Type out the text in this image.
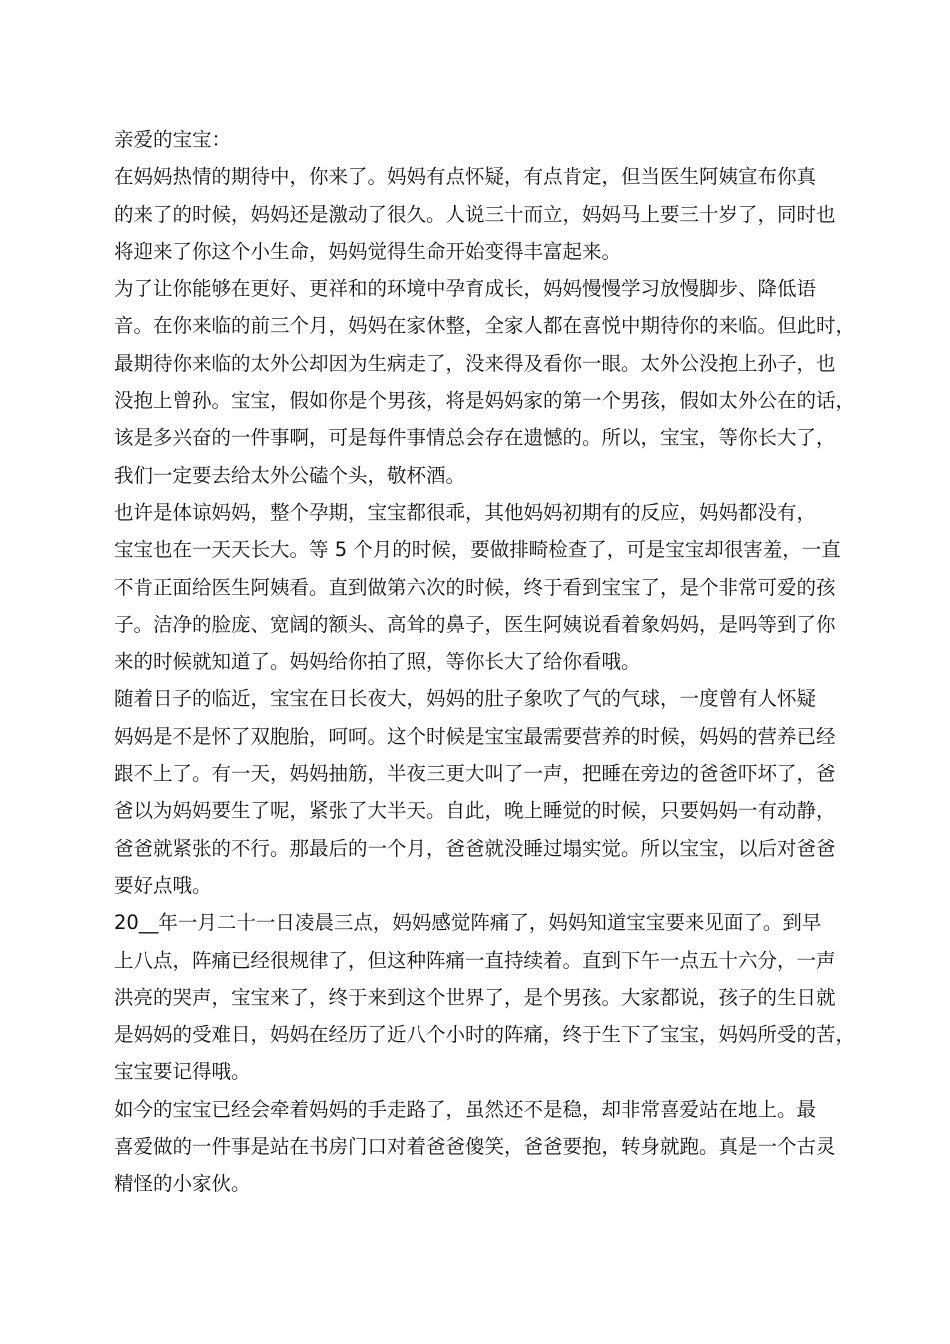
亲爱的宝宝：
在妈妈热情的期待中，你来了。妈妈有点怀疑，有点肯定，但当医生阿姨宣布你真
的来了的时候，妈妈还是激动了很久。人说三十而立，妈妈马上要三十岁了，同时也
将迎来了你这个小生命，妈妈觉得生命开始变得丰富起来。
为了让你能够在更好、更祥和的环境中孕育成长，妈妈慢慢学习放慢脚步、降低语
音。在你来临的前三个月，妈妈在家休整，全家人都在喜悦中期待你的来临。但此时，
最期待你来临的太外公却因为生病走了，没来得及看你一眼。太外公没抱上孙子，也
没抱上曾孙。宝宝，假如你是个男孩，将是妈妈家的第一个男孩，假如太外公在的话，
该是多兴奋的一件事啊，可是每件事情总会存在遗憾的。所以，宝宝，等你长大了，
我们一定要去给太外公磕个头，敬杯酒。
也许是体谅妈妈，整个孕期，宝宝都很乖，其他妈妈初期有的反应，妈妈都没有，
宝宝也在一天天长大。等 5 个月的时候，要做排畸检查了，可是宝宝却很害羞，一直
不肯正面给医生阿姨看。直到做第六次的时候，终于看到宝宝了，是个非常可爱的孩
子。洁净的脸庞、宽阔的额头、高耸的鼻子，医生阿姨说看着象妈妈，是吗等到了你
来的时候就知道了。妈妈给你拍了照，等你长大了给你看哦。
随着日子的临近，宝宝在日长夜大，妈妈的肚子象吹了气的气球，一度曾有人怀疑
妈妈是不是怀了双胞胎，呵呵。这个时候是宝宝最需要营养的时候，妈妈的营养已经
跟不上了。有一天，妈妈抽筋，半夜三更大叫了一声，把睡在旁边的爸爸吓坏了，爸
爸以为妈妈要生了呢，紧张了大半天。自此，晚上睡觉的时候，只要妈妈一有动静，
爸爸就紧张的不行。那最后的一个月，爸爸就没睡过塌实觉。所以宝宝，以后对爸爸
要好点哦。
20__年一月二十一日凌晨三点，妈妈感觉阵痛了，妈妈知道宝宝要来见面了。到早
上八点，阵痛已经很规律了，但这种阵痛一直持续着。直到下午一点五十六分，一声
洪亮的哭声，宝宝来了，终于来到这个世界了，是个男孩。大家都说，孩子的生日就
是妈妈的受难日，妈妈在经历了近八个小时的阵痛，终于生下了宝宝，妈妈所受的苦，
宝宝要记得哦。
如今的宝宝已经会牵着妈妈的手走路了，虽然还不是稳，却非常喜爱站在地上。最
喜爱做的一件事是站在书房门口对着爸爸傻笑，爸爸要抱，转身就跑。真是一个古灵
精怪的小家伙。
